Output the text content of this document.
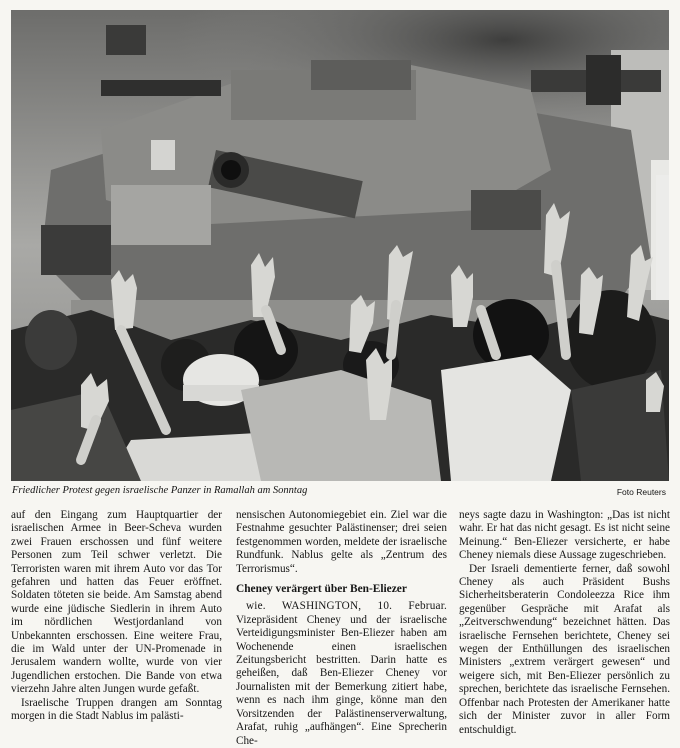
Friedlicher Protest gegen israelische Panzer in Ramallah am Sonntag	Foto Reuters

auf den Eingang zum Hauptquartier der israelischen Armee in Beer-Scheva wurden zwei Frauen erschossen und fünf weitere Personen zum Teil schwer verletzt. Die Terroristen waren mit ihrem Auto vor das Tor gefahren und hatten das Feuer eröffnet. Soldaten töteten sie beide. Am Samstag abend wurde eine jüdische Siedlerin in ihrem Auto im nördlichen Westjordanland von Unbekannten erschossen. Eine weitere Frau, die im Wald unter der UN-Promenade in Jerusalem wandern wollte, wurde von vier Jugendlichen erstochen. Die Bande von etwa vierzehn Jahre alten Jungen wurde gefaßt.

Israelische Truppen drangen am Sonntag morgen in die Stadt Nablus im palästi-

nensischen Autonomiegebiet ein. Ziel war die Festnahme gesuchter Palästinenser; drei seien festgenommen worden, meldete der israelische Rundfunk. Nablus gelte als „Zentrum des Terrorismus“.

Cheney verärgert über Ben-Eliezer

wie. WASHINGTON, 10. Februar. Vizepräsident Cheney und der israelische Verteidigungsminister Ben-Eliezer haben am Wochenende einen israelischen Zeitungsbericht bestritten. Darin hatte es geheißen, daß Ben-Eliezer Cheney vor Journalisten mit der Bemerkung zitiert habe, wenn es nach ihm ginge, könne man den Vorsitzenden der Palästinenserverwaltung, Arafat, ruhig „aufhängen“. Eine Sprecherin Che-

neys sagte dazu in Washington: „Das ist nicht wahr. Er hat das nicht gesagt. Es ist nicht seine Meinung.“ Ben-Eliezer versicherte, er habe Cheney niemals diese Aussage zugeschrieben.

Der Israeli dementierte ferner, daß sowohl Cheney als auch Präsident Bushs Sicherheitsberaterin Condoleezza Rice ihm gegenüber Gespräche mit Arafat als „Zeitverschwendung“ bezeichnet hätten. Das israelische Fernsehen berichtete, Cheney sei wegen der Enthüllungen des israelischen Ministers „extrem verärgert gewesen“ und weigere sich, mit Ben-Eliezer persönlich zu sprechen, berichtete das israelische Fernsehen. Offenbar nach Protesten der Amerikaner hatte sich der Minister zuvor in aller Form entschuldigt.
